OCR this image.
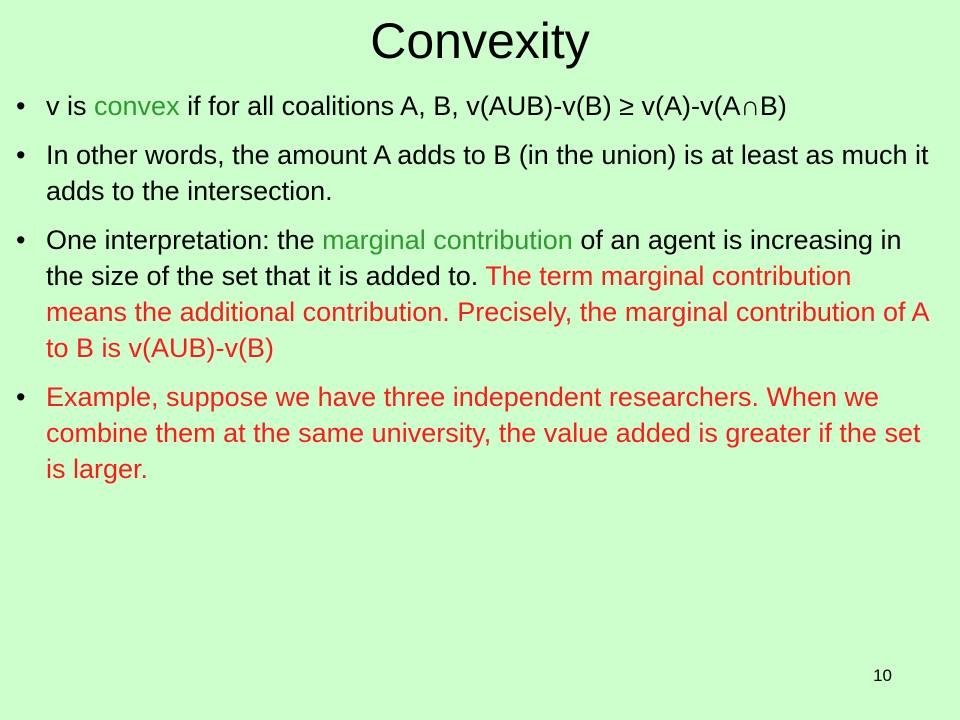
Convexity
• v is convex if for all coalitions A, B, v(AUB)-v(B) ≥ v(A)-v(A∩B)
• In other words, the amount A adds to B (in the union) is at least as much it adds to the intersection.
• One interpretation: the marginal contribution of an agent is increasing in the size of the set that it is added to. The term marginal contribution means the additional contribution. Precisely, the marginal contribution of A to B is v(AUB)-v(B)
• Example, suppose we have three independent researchers. When we combine them at the same university, the value added is greater if the set is larger.
10
